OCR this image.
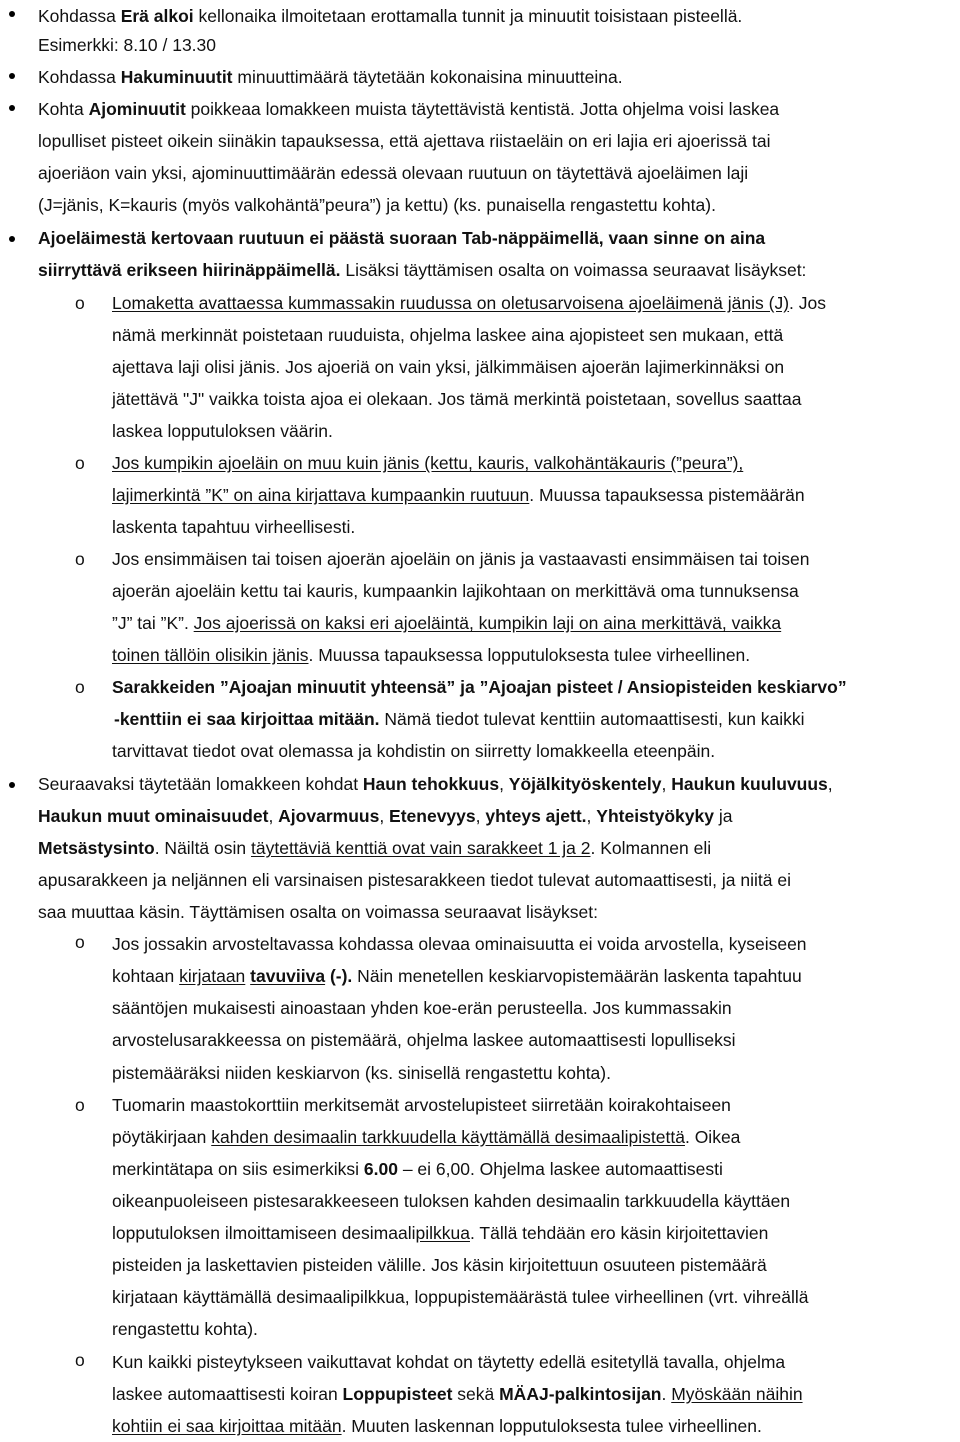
o
o
o
o
o
o
o
Kohdassa Erä alkoi kellonaika ilmoitetaan erottamalla tunnit ja minuutit toisistaan pisteellä.
Esimerkki: 8.10 / 13.30
Kohdassa Hakuminuutit minuuttimäärä täytetään kokonaisina minuutteina.
Kohta Ajominuutit poikkeaa lomakkeen muista täytettävistä kentistä. Jotta ohjelma voisi laskea
lopulliset pisteet oikein siinäkin tapauksessa, että ajettava riistaeläin on eri lajia eri ajoerissä tai
ajoeriäon vain yksi, ajominuuttimäärän edessä olevaan ruutuun on täytettävä ajoeläimen laji
(J=jänis, K=kauris (myös valkohäntä”peura”) ja kettu) (ks. punaisella rengastettu kohta).
Ajoeläimestä kertovaan ruutuun ei päästä suoraan Tab-näppäimellä, vaan sinne on aina
siirryttävä erikseen hiirinäppäimellä. Lisäksi täyttämisen osalta on voimassa seuraavat lisäykset:
Lomaketta avattaessa kummassakin ruudussa on oletusarvoisena ajoeläimenä jänis (J). Jos
nämä merkinnät poistetaan ruuduista, ohjelma laskee aina ajopisteet sen mukaan, että
ajettava laji olisi jänis. Jos ajoeriä on vain yksi, jälkimmäisen ajoerän lajimerkinnäksi on
jätettävä "J" vaikka toista ajoa ei olekaan. Jos tämä merkintä poistetaan, sovellus saattaa
laskea lopputuloksen väärin.
Jos kumpikin ajoeläin on muu kuin jänis (kettu, kauris, valkohäntäkauris (”peura”),
lajimerkintä ”K” on aina kirjattava kumpaankin ruutuun. Muussa tapauksessa pistemäärän
laskenta tapahtuu virheellisesti.
Jos ensimmäisen tai toisen ajoerän ajoeläin on jänis ja vastaavasti ensimmäisen tai toisen
ajoerän ajoeläin kettu tai kauris, kumpaankin lajikohtaan on merkittävä oma tunnuksensa
”J” tai ”K”. Jos ajoerissä on kaksi eri ajoeläintä, kumpikin laji on aina merkittävä, vaikka
toinen tällöin olisikin jänis. Muussa tapauksessa lopputuloksesta tulee virheellinen.
Sarakkeiden ”Ajoajan minuutit yhteensä” ja ”Ajoajan pisteet / Ansiopisteiden keskiarvo”
-kenttiin ei saa kirjoittaa mitään. Nämä tiedot tulevat kenttiin automaattisesti, kun kaikki
tarvittavat tiedot ovat olemassa ja kohdistin on siirretty lomakkeella eteenpäin.
Seuraavaksi täytetään lomakkeen kohdat Haun tehokkuus, Yöjälkityöskentely, Haukun kuuluvuus,
Haukun muut ominaisuudet, Ajovarmuus, Etenevyys, yhteys ajett., Yhteistyökyky ja
Metsästysinto. Näiltä osin täytettäviä kenttiä ovat vain sarakkeet 1 ja 2. Kolmannen eli
apusarakkeen ja neljännen eli varsinaisen pistesarakkeen tiedot tulevat automaattisesti, ja niitä ei
saa muuttaa käsin. Täyttämisen osalta on voimassa seuraavat lisäykset:
Jos jossakin arvosteltavassa kohdassa olevaa ominaisuutta ei voida arvostella, kyseiseen
kohtaan kirjataan tavuviiva (-). Näin menetellen keskiarvopistemäärän laskenta tapahtuu
sääntöjen mukaisesti ainoastaan yhden koe-erän perusteella. Jos kummassakin
arvostelusarakkeessa on pistemäärä, ohjelma laskee automaattisesti lopulliseksi
pistemääräksi niiden keskiarvon (ks. sinisellä rengastettu kohta).
Tuomarin maastokorttiin merkitsemät arvostelupisteet siirretään koirakohtaiseen
pöytäkirjaan kahden desimaalin tarkkuudella käyttämällä desimaalipistettä. Oikea
merkintätapa on siis esimerkiksi 6.00 – ei 6,00. Ohjelma laskee automaattisesti
oikeanpuoleiseen pistesarakkeeseen tuloksen kahden desimaalin tarkkuudella käyttäen
lopputuloksen ilmoittamiseen desimaalipilkkua. Tällä tehdään ero käsin kirjoitettavien
pisteiden ja laskettavien pisteiden välille. Jos käsin kirjoitettuun osuuteen pistemäärä
kirjataan käyttämällä desimaalipilkkua, loppupistemäärästä tulee virheellinen (vrt. vihreällä
rengastettu kohta).
Kun kaikki pisteytykseen vaikuttavat kohdat on täytetty edellä esitetyllä tavalla, ohjelma
laskee automaattisesti koiran Loppupisteet sekä MÄAJ-palkintosijan. Myöskään näihin
kohtiin ei saa kirjoittaa mitään. Muuten laskennan lopputuloksesta tulee virheellinen.
